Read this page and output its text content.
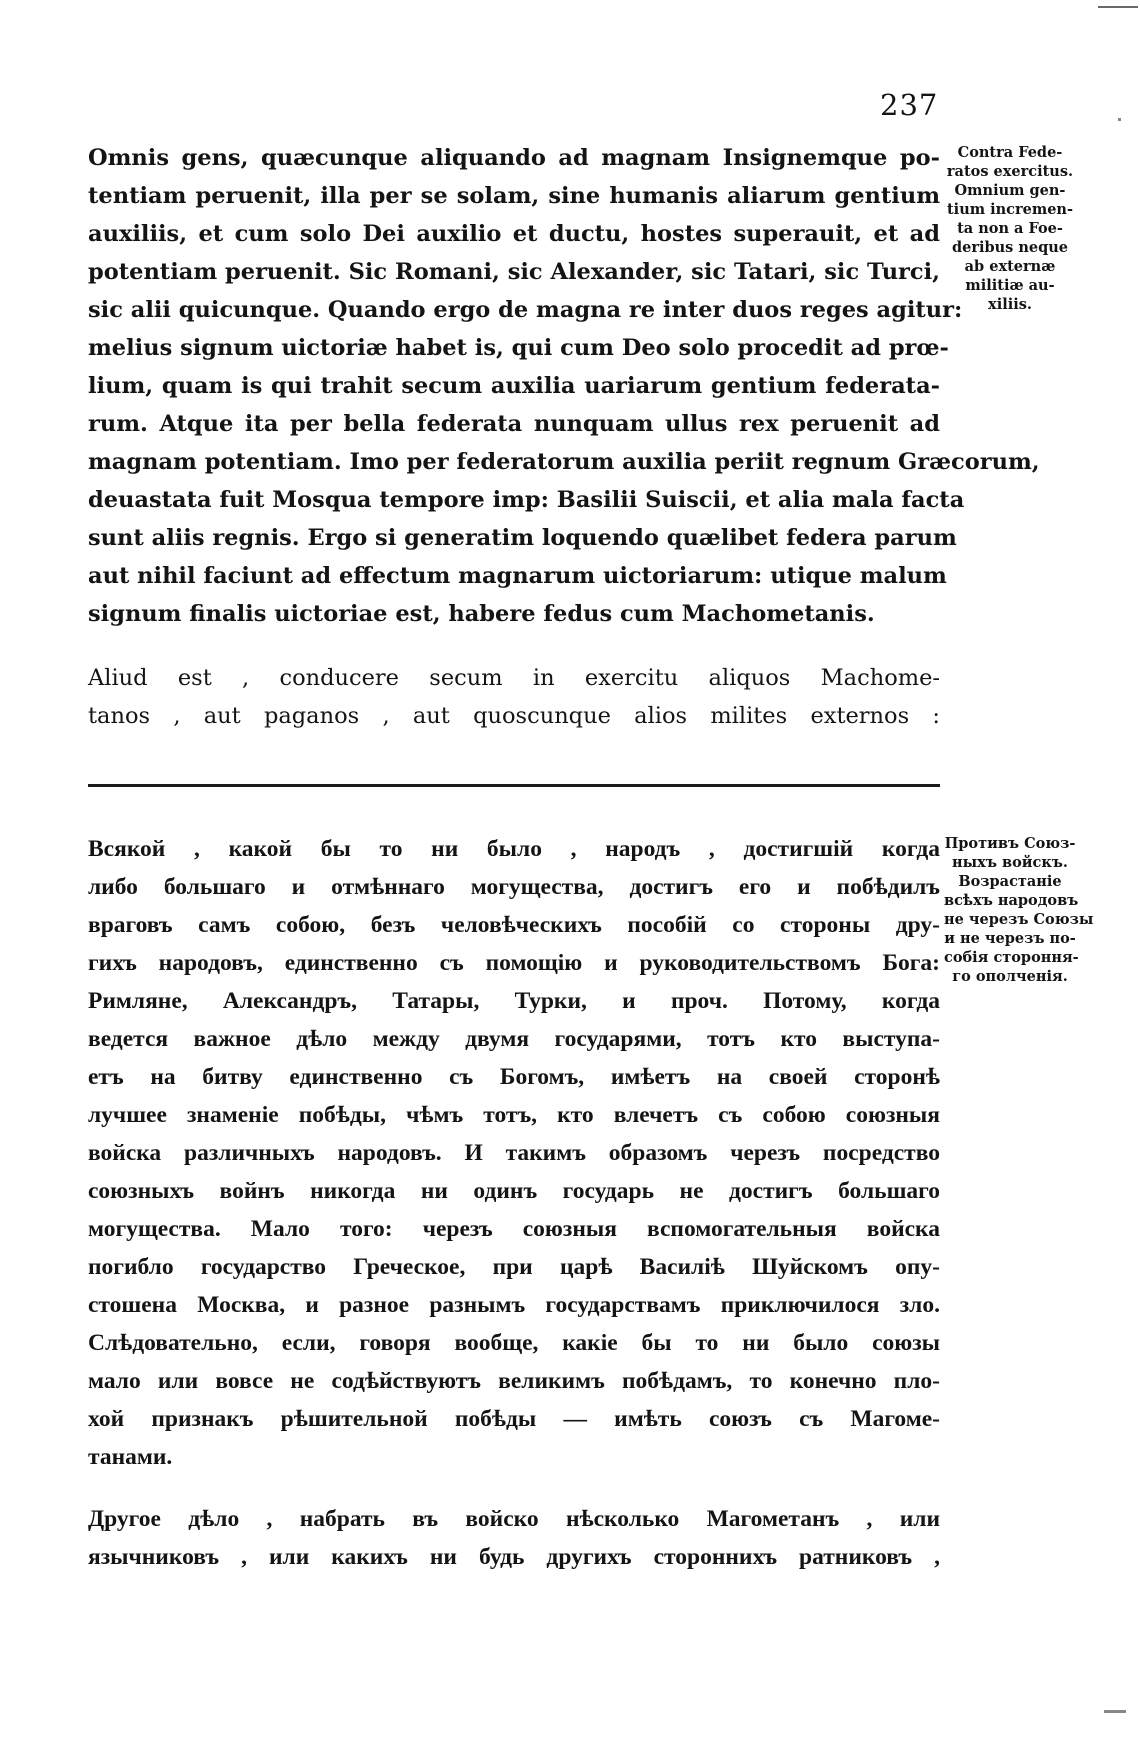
237
Omnis gens, quæcunque aliquando ad magnam Insignemque po-
tentiam peruenit, illa per se solam, sine humanis aliarum gentium
auxiliis, et cum solo Dei auxilio et ductu, hostes superauit, et ad
potentiam peruenit. Sic Romani, sic Alexander, sic Tatari, sic Turci,
sic alii quicunque. Quando ergo de magna re inter duos reges agitur:
melius signum uictoriæ habet is, qui cum Deo solo procedit ad prœ-
lium, quam is qui trahit secum auxilia uariarum gentium federata-
rum. Atque ita per bella federata nunquam ullus rex peruenit ad
magnam potentiam. Imo per federatorum auxilia periit regnum Græcorum,
deuastata fuit Mosqua tempore imp: Basilii Suiscii, et alia mala facta
sunt aliis regnis. Ergo si generatim loquendo quælibet federa parum
aut nihil faciunt ad effectum magnarum uictoriarum: utique malum
signum finalis uictoriae est, habere fedus cum Machometanis.
Contra Fede-
ratos exercitus.
Omnium gen-
tium incremen-
ta non a Foe-
deribus neque
ab externæ
militiæ au-
xiliis.
Aliud est , conducere secum in exercitu aliquos Machome-
tanos , aut paganos , aut quoscunque alios milites externos :
Всякой , какой бы то ни было , народъ , достигшій когда
либо большаго и отмѣннаго могущества, достигъ его и побѣдилъ
враговъ самъ собою, безъ человѣческихъ пособій со стороны дру-
гихъ народовъ, единственно съ помощію и руководительствомъ Бога:
Римляне, Александръ, Татары, Турки, и проч. Потому, когда
ведется важное дѣло между двумя государями, тотъ кто выступа-
етъ на битву единственно съ Богомъ, имѣетъ на своей сторонѣ
лучшее знаменіе побѣды, чѣмъ тотъ, кто влечетъ съ собою союзныя
войска различныхъ народовъ. И такимъ образомъ черезъ посредство
союзныхъ войнъ никогда ни одинъ государь не достигъ большаго
могущества. Мало того: черезъ союзныя вспомогательныя войска
погибло государство Греческое, при царѣ Василіѣ Шуйскомъ опу-
стошена Москва, и разное разнымъ государствамъ приключилося зло.
Слѣдовательно, если, говоря вообще, какіе бы то ни было союзы
мало или вовсе не содѣйствуютъ великимъ побѣдамъ, то конечно пло-
хой признакъ рѣшительной побѣды — имѣть союзъ съ Магоме-
танами.
Противъ Союз-
ныхъ войскъ.
Возрастаніе
всѣхъ народовъ
не черезъ Союзы
и не черезъ по-
собія стороння-
го ополченія.
Другое дѣло , набрать въ войско нѣсколько Магометанъ , или
язычниковъ , или какихъ ни будь другихъ стороннихъ ратниковъ ,
